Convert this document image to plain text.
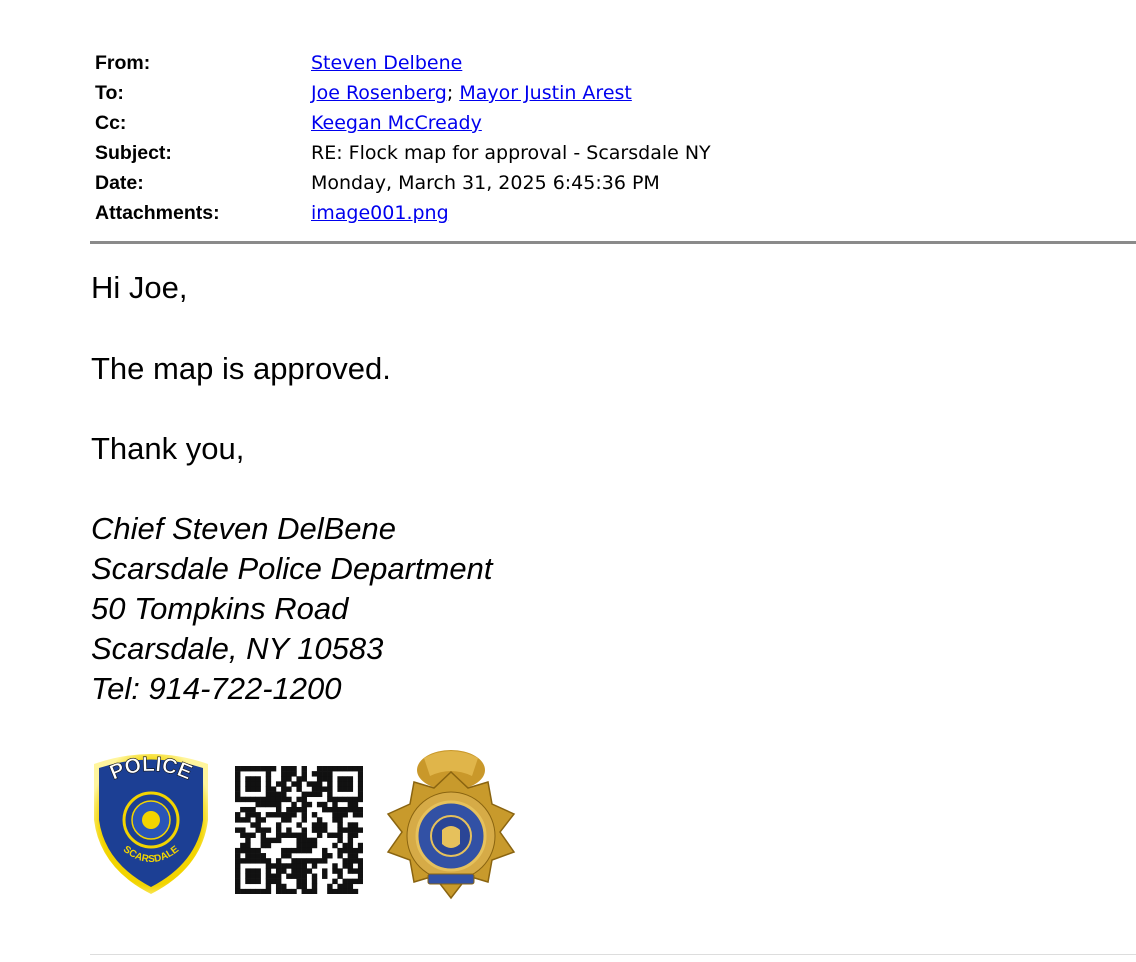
From:	Steven Delbene
To:	Joe Rosenberg; Mayor Justin Arest
Cc:	Keegan McCready
Subject:	RE: Flock map for approval - Scarsdale NY
Date:	Monday, March 31, 2025 6:45:36 PM
Attachments:	image001.png
Hi Joe,
The map is approved.
Thank you,
Chief Steven DelBene
Scarsdale Police Department
50 Tompkins Road
Scarsdale, NY 10583
Tel: 914-722-1200
POLICE
SCARSDALE
